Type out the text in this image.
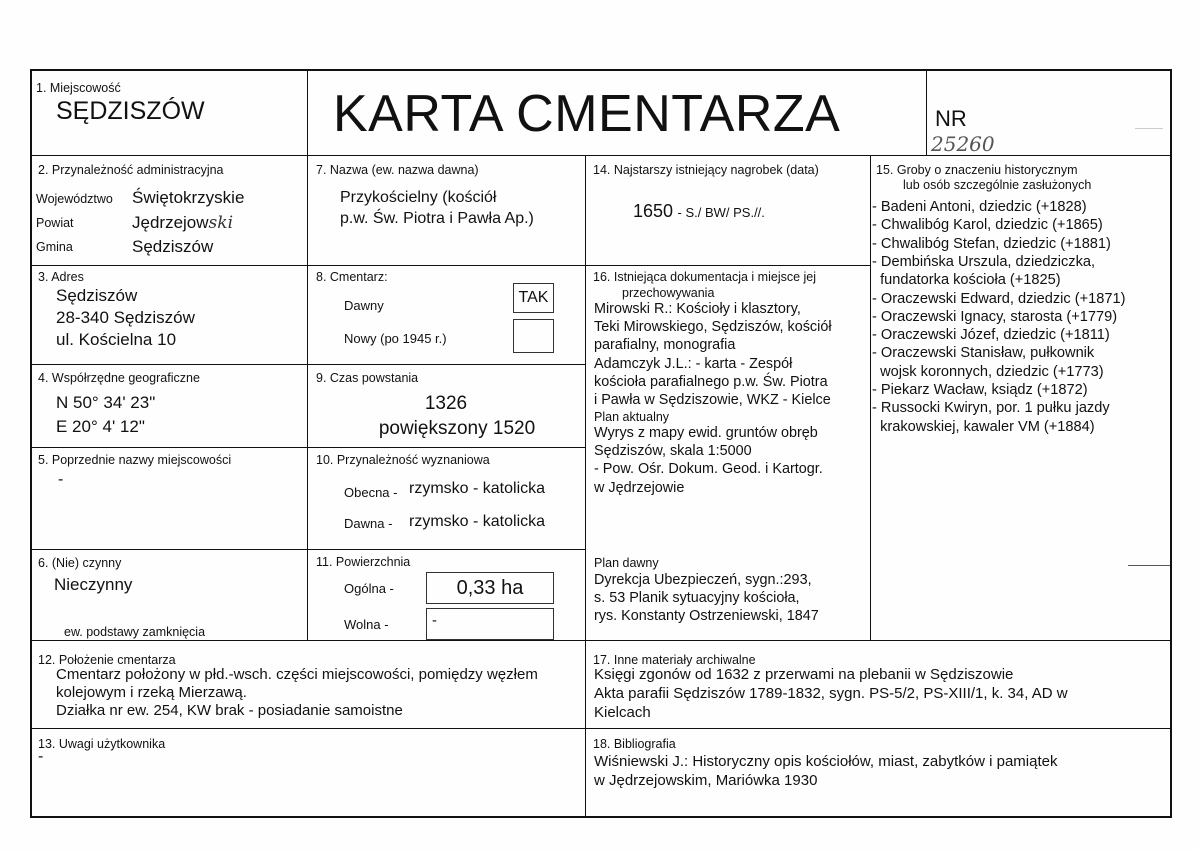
1. Miejscowość
SĘDZISZÓW KARTA CMENTARZA	NR
25260
2. Przynależność administracyjna
Województwo Świętokrzyskie
Powiat	Jędrzejowski
Gmina	Sędziszów
7. Nazwa (ew. nazwa dawna)
Przykościelny (kościół
p.w. Św. Piotra i Pawła Ap.)
14. Najstarszy istniejący nagrobek (data)
1650 - S./ BW/ PS.//.
15. Groby o znaczeniu historycznym
lub osób szczególnie zasłużonych
- Badeni Antoni, dziedzic (+1828)
- Chwalibóg Karol, dziedzic (+1865)
- Chwalibóg Stefan, dziedzic (+1881)
- Dembińska Urszula, dziedziczka,
fundatorka kościoła (+1825)
- Oraczewski Edward, dziedzic (+1871)
- Oraczewski Ignacy, starosta (+1779)
- Oraczewski Józef, dziedzic (+1811)
- Oraczewski Stanisław, pułkownik
wojsk koronnych, dziedzic (+1773)
- Piekarz Wacław, ksiądz (+1872)
- Russocki Kwiryn, por. 1 pułku jazdy
krakowskiej, kawaler VM (+1884)
3. Adres
Sędziszów
28-340 Sędziszów
ul. Kościelna 10
8. Cmentarz:
Dawny	TAK
Nowy (po 1945 r.)
16. Istniejąca dokumentacja i miejsce jej
przechowywania
Mirowski R.: Kościoły i klasztory,
Teki Mirowskiego, Sędziszów, kościół
parafialny, monografia
Adamczyk J.L.: - karta - Zespół
kościoła parafialnego p.w. Św. Piotra
i Pawła w Sędziszowie, WKZ - Kielce
Plan aktualny
Wyrys z mapy ewid. gruntów obręb
Sędziszów, skala 1:5000
- Pow. Ośr. Dokum. Geod. i Kartogr.
w Jędrzejowie
Plan dawny
Dyrekcja Ubezpieczeń, sygn.:293,
s. 53 Planik sytuacyjny kościoła,
rys. Konstanty Ostrzeniewski, 1847
4. Współrzędne geograficzne
N 50° 34' 23"
E 20° 4' 12"
9. Czas powstania
1326
powiększony 1520
5. Poprzednie nazwy miejscowości
-
10. Przynależność wyznaniowa
Obecna - rzymsko - katolicka
Dawna - rzymsko - katolicka
6. (Nie) czynny
Nieczynny
ew. podstawy zamknięcia
11. Powierzchnia
Ogólna -	0,33 ha
Wolna -	-
12. Położenie cmentarza
Cmentarz położony w płd.-wsch. części miejscowości, pomiędzy węzłem
kolejowym i rzeką Mierzawą.
Działka nr ew. 254, KW brak - posiadanie samoistne
17. Inne materiały archiwalne
Księgi zgonów od 1632 z przerwami na plebanii w Sędziszowie
Akta parafii Sędziszów 1789-1832, sygn. PS-5/2, PS-XIII/1, k. 34, AD w
Kielcach
13. Uwagi użytkownika
-
18. Bibliografia
Wiśniewski J.: Historyczny opis kościołów, miast, zabytków i pamiątek
w Jędrzejowskim, Mariówka 1930
